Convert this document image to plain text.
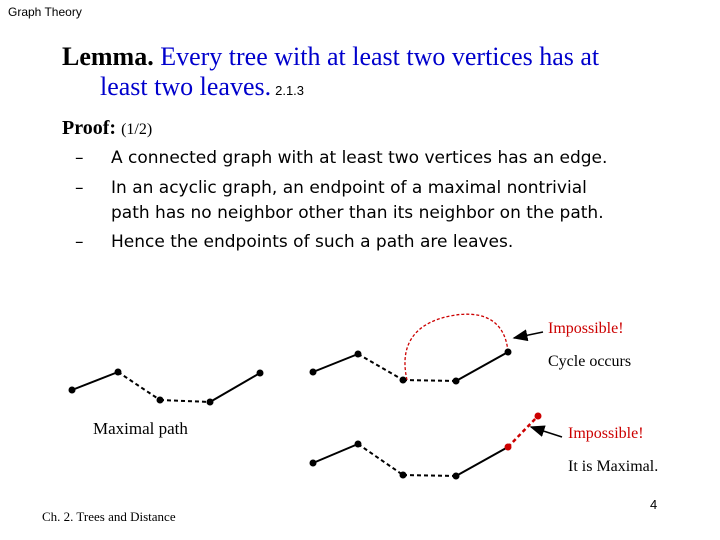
Graph Theory
Lemma. Every tree with at least two vertices has at
least two leaves. 2.1.3
Proof: (1/2)
– A connected graph with at least two vertices has an edge.
– In an acyclic graph, an endpoint of a maximal nontrivial
path has no neighbor other than its neighbor on the path.
– Hence the endpoints of such a path are leaves.
Maximal path
Impossible!
Cycle occurs
Impossible!
It is Maximal.
Ch. 2. Trees and Distance
4
